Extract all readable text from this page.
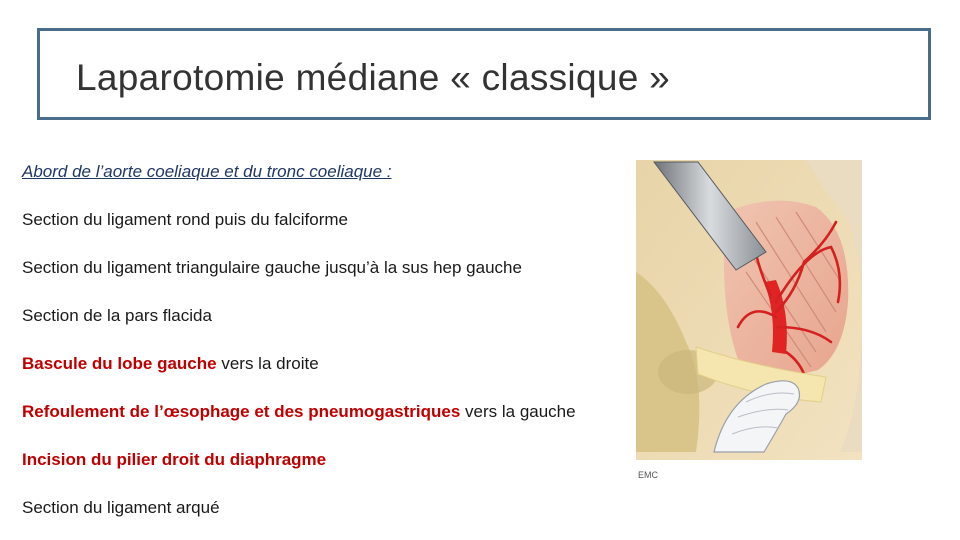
Laparotomie médiane « classique »
Abord de l’aorte coeliaque et du tronc coeliaque :
Section du ligament rond puis du falciforme
Section du ligament triangulaire gauche jusqu’à la sus hep gauche
Section de la pars flacida
Bascule du lobe gauche vers la droite
Refoulement de l’œsophage et des pneumogastriques vers la gauche
Incision du pilier droit du diaphragme
Section du ligament arqué
EMC
